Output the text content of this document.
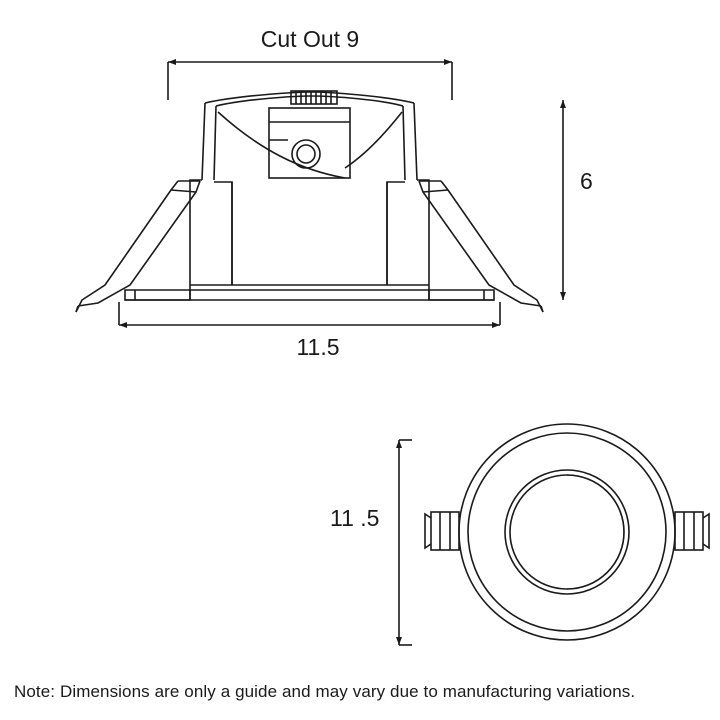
Cut Out 9
6
11.5
11 .5
Note: Dimensions are only a guide and may vary due to manufacturing variations.
